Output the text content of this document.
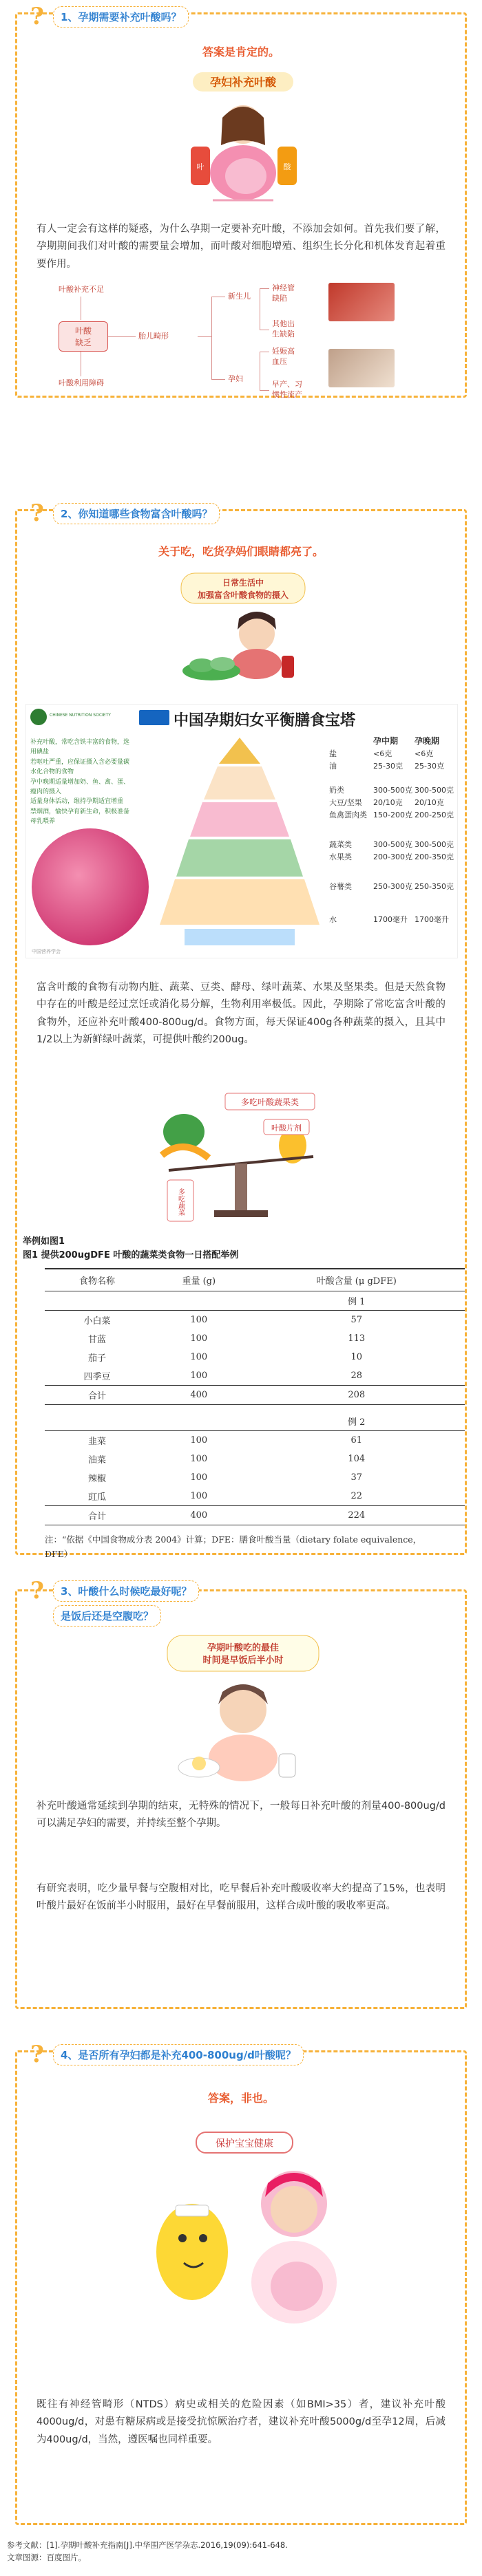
?	1、孕期需要补充叶酸吗？
答案是肯定的。
孕妇补充叶酸
叶	酸
有人一定会有这样的疑惑，为什么孕期一定要补充叶酸，不添加会如何。首先我们要了解，孕期期间我们对叶酸的需要量会增加，而叶酸对细胞增殖、组织生长分化和机体发育起着重要作用。
叶酸补充不足
叶酸
缺乏
叶酸利用障碍
胎儿畸形
新生儿
孕妇
神经管
缺陷
其他出
生缺陷
妊娠高
血压
早产、习
惯性流产
?	2、你知道哪些食物富含叶酸吗？
关于吃，吃货孕妈们眼睛都亮了。
日常生活中
加强富含叶酸食物的摄入
CHINESE NUTRITION SOCIETY	中国孕期妇女平衡膳食宝塔
补充叶酸，常吃含铁丰富的食物，选用碘盐
若呕吐严重，应保证摄入含必要量碳水化合物的食物
孕中晚期适量增加奶、鱼、禽、蛋、瘦肉的摄入
适量身体活动，维持孕期适宜增重
禁烟酒，愉快孕育新生命，积极准备母乳喂养
中国营养学会
孕中期	孕晚期
盐	<6克	<6克
油	25-30克	25-30克
奶类	300-500克 300-500克
大豆/坚果	20/10克	20/10克
鱼禽蛋肉类 150-200克 200-250克
蔬菜类	300-500克 300-500克
水果类	200-300克 200-350克
谷薯类	250-300克 250-350克
水	1700毫升 1700毫升
富含叶酸的食物有动物内脏、蔬菜、豆类、酵母、绿叶蔬菜、水果及坚果类。但是天然食物中存在的叶酸是经过烹饪或消化易分解，生物利用率极低。因此，孕期除了常吃富含叶酸的食物外，还应补充叶酸400-800ug/d。食物方面，每天保证400g各种蔬菜的摄入，且其中1/2以上为新鲜绿叶蔬菜，可提供叶酸约200ug。
多吃叶酸蔬果类
叶酸片剂
多吃蔬菜
举例如图1
图1 提供200ugDFE 叶酸的蔬菜类食物一日搭配举例
食物名称	重量 (g)	叶酸含量 (μ gDFE)
		例 1
小白菜	100	57
甘蓝	100	113
茄子	100	10
四季豆	100	28
合计	400	208

		例 2
韭菜	100	61
油菜	100	104
辣椒	100	37
豇瓜	100	22
合计	400	224
注：“依据《中国食物成分表 2004》计算；DFE：膳食叶酸当量（dietary folate equivalence，DFE）
?	3、叶酸什么时候吃最好呢？
是饭后还是空腹吃？
孕期叶酸吃的最佳
时间是早饭后半小时
补充叶酸通常延续到孕期的结束，无特殊的情况下，一般每日补充叶酸的剂量400-800ug/d可以满足孕妇的需要，并持续至整个孕期。
有研究表明，吃少量早餐与空腹相对比，吃早餐后补充叶酸吸收率大约提高了15%，也表明叶酸片最好在饭前半小时服用，最好在早餐前服用，这样合成叶酸的吸收率更高。
?	4、是否所有孕妇都是补充400-800ug/d叶酸呢？
答案，非也。
保护宝宝健康
既往有神经管畸形（NTDS）病史或相关的危险因素（如BMI>35）者，建议补充叶酸4000ug/d，对患有糖尿病或是接受抗惊厥治疗者，建议补充叶酸5000g/d至孕12周，后减为400ug/d，当然，遵医嘱也同样重要。
参考文献：[1].孕期叶酸补充指南[J].中华围产医学杂志.2016,19(09):641-648.
文章图源：百度图片。
